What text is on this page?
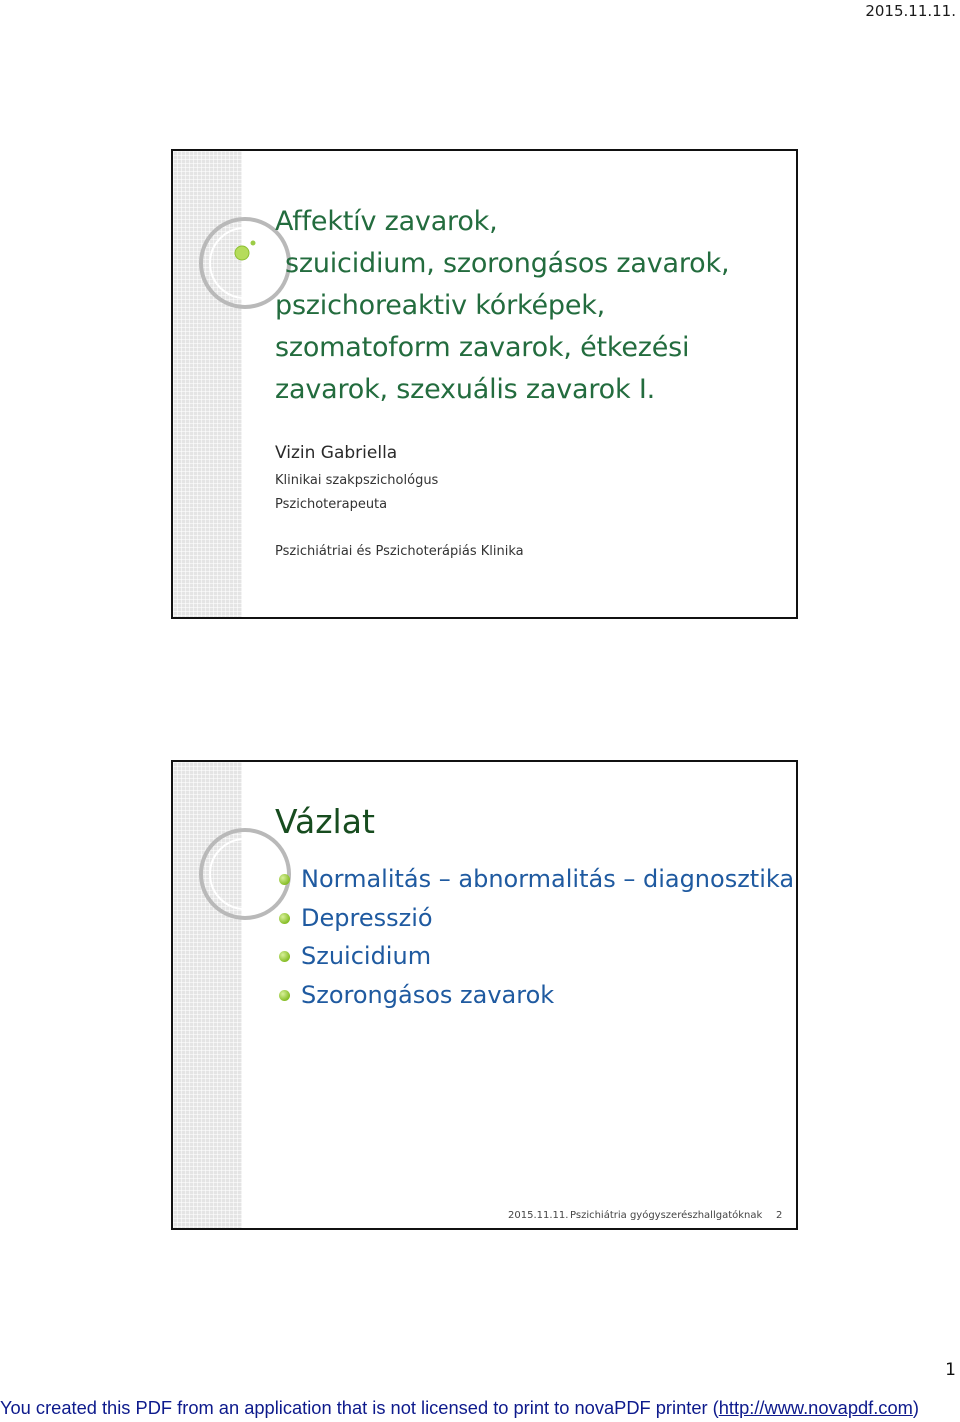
2015.11.11.
Affektív zavarok,
szuicidium, szorongásos zavarok,
pszichoreaktiv kórképek,
szomatoform zavarok, étkezési
zavarok, szexuális zavarok I.
Vizin Gabriella
Klinikai szakpszichológus
Pszichoterapeuta
Pszichiátriai és Pszichoterápiás Klinika
Vázlat
Normalitás – abnormalitás – diagnosztika
Depresszió
Szuicidium
Szorongásos zavarok
2015.11.11. Pszichiátria gyógyszerészhallgatóknak 2
1
You created this PDF from an application that is not licensed to print to novaPDF printer (http://www.novapdf.com)
